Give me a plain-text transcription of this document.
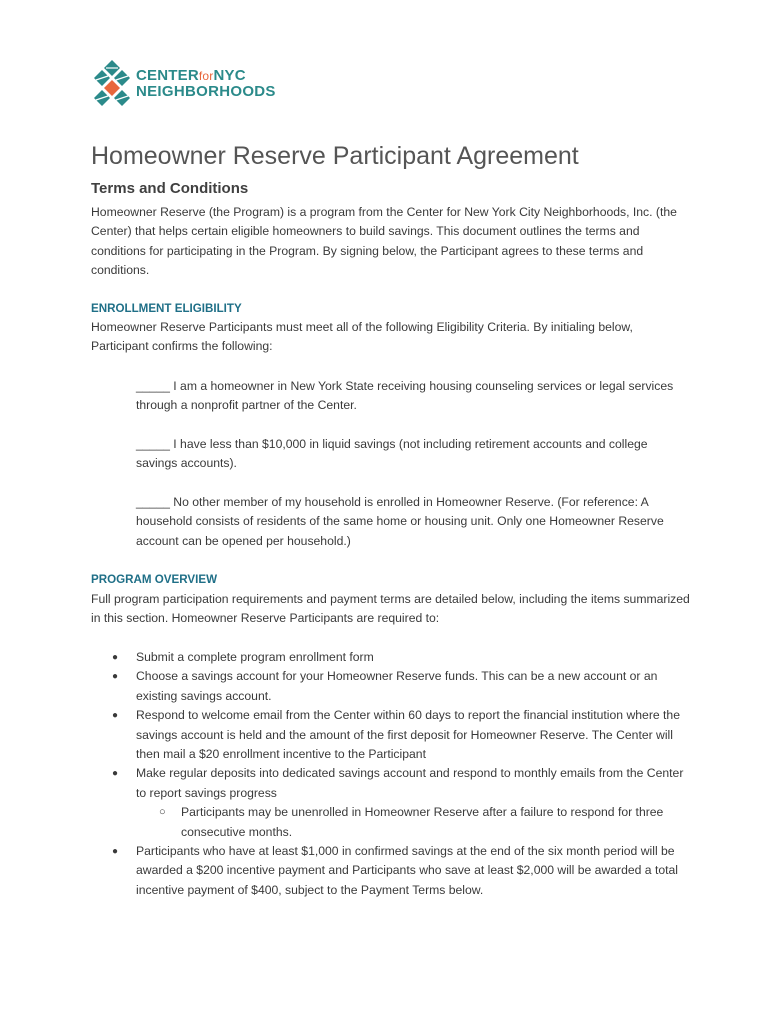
CENTERforNYC
NEIGHBORHOODS
Homeowner Reserve Participant Agreement
Terms and Conditions

Homeowner Reserve (the Program) is a program from the Center for New York City Neighborhoods, Inc. (the Center) that helps certain eligible homeowners to build savings. This document outlines the terms and conditions for participating in the Program. By signing below, the Participant agrees to these terms and conditions.

ENROLLMENT ELIGIBILITY

Homeowner Reserve Participants must meet all of the following Eligibility Criteria. By initialing below, Participant confirms the following:

_____ I am a homeowner in New York State receiving housing counseling services or legal services through a nonprofit partner of the Center.

_____ I have less than $10,000 in liquid savings (not including retirement accounts and college savings accounts).

_____ No other member of my household is enrolled in Homeowner Reserve. (For reference: A household consists of residents of the same home or housing unit. Only one Homeowner Reserve account can be opened per household.)

PROGRAM OVERVIEW

Full program participation requirements and payment terms are detailed below, including the items summarized in this section. Homeowner Reserve Participants are required to:

● Submit a complete program enrollment form
● Choose a savings account for your Homeowner Reserve funds. This can be a new account or an existing savings account.
● Respond to welcome email from the Center within 60 days to report the financial institution where the savings account is held and the amount of the first deposit for Homeowner Reserve. The Center will then mail a $20 enrollment incentive to the Participant
● Make regular deposits into dedicated savings account and respond to monthly emails from the Center to report savings progress
○ Participants may be unenrolled in Homeowner Reserve after a failure to respond for three consecutive months.
● Participants who have at least $1,000 in confirmed savings at the end of the six month period will be awarded a $200 incentive payment and Participants who save at least $2,000 will be awarded a total incentive payment of $400, subject to the Payment Terms below.
